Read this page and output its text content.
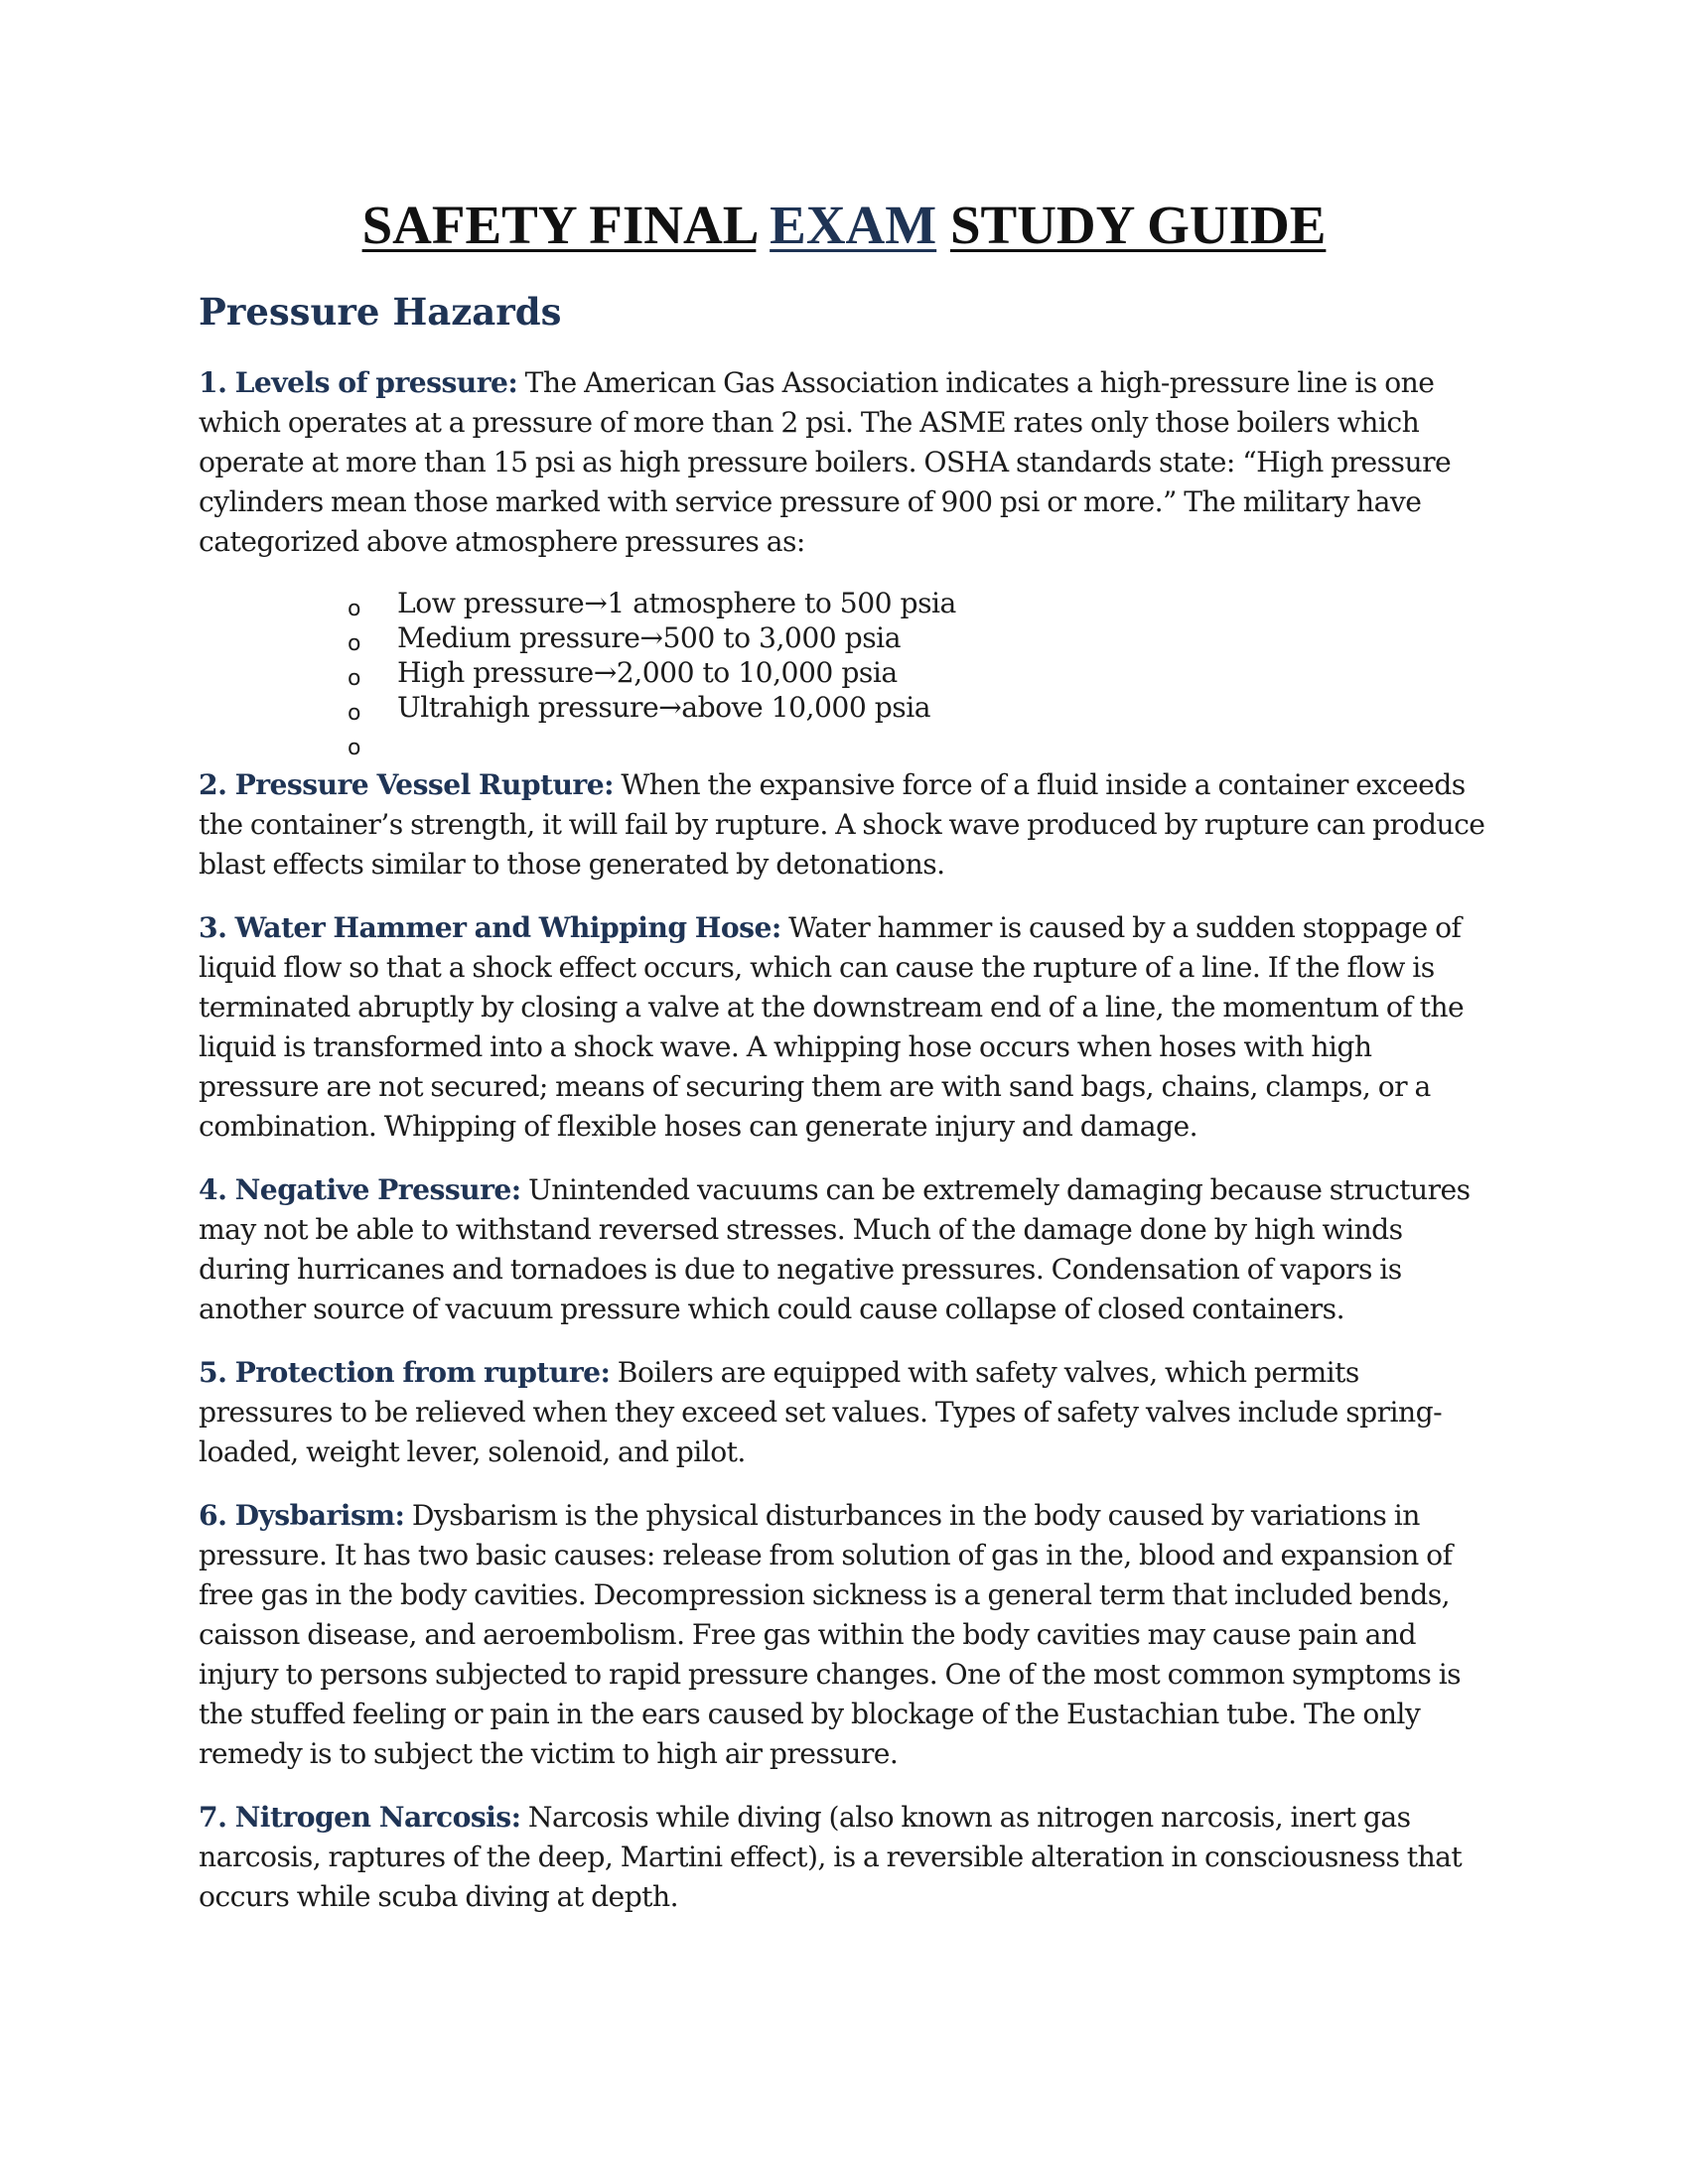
SAFETY FINAL EXAM STUDY GUIDE
Pressure Hazards

1. Levels of pressure: The American Gas Association indicates a high-pressure line is one which operates at a pressure of more than 2 psi. The ASME rates only those boilers which operate at more than 15 psi as high pressure boilers. OSHA standards state: “High pressure cylinders mean those marked with service pressure of 900 psi or more.” The military have categorized above atmosphere pressures as:

o Low pressure→1 atmosphere to 500 psia
o Medium pressure→500 to 3,000 psia
o High pressure→2,000 to 10,000 psia
o Ultrahigh pressure→above 10,000 psia
o

2. Pressure Vessel Rupture: When the expansive force of a fluid inside a container exceeds the container’s strength, it will fail by rupture. A shock wave produced by rupture can produce blast effects similar to those generated by detonations.

3. Water Hammer and Whipping Hose: Water hammer is caused by a sudden stoppage of liquid flow so that a shock effect occurs, which can cause the rupture of a line. If the flow is terminated abruptly by closing a valve at the downstream end of a line, the momentum of the liquid is transformed into a shock wave. A whipping hose occurs when hoses with high pressure are not secured; means of securing them are with sand bags, chains, clamps, or a combination. Whipping of flexible hoses can generate injury and damage.

4. Negative Pressure: Unintended vacuums can be extremely damaging because structures may not be able to withstand reversed stresses. Much of the damage done by high winds during hurricanes and tornadoes is due to negative pressures. Condensation of vapors is another source of vacuum pressure which could cause collapse of closed containers.

5. Protection from rupture: Boilers are equipped with safety valves, which permits pressures to be relieved when they exceed set values. Types of safety valves include spring-loaded, weight lever, solenoid, and pilot.

6. Dysbarism: Dysbarism is the physical disturbances in the body caused by variations in pressure. It has two basic causes: release from solution of gas in the, blood and expansion of free gas in the body cavities. Decompression sickness is a general term that included bends, caisson disease, and aeroembolism. Free gas within the body cavities may cause pain and injury to persons subjected to rapid pressure changes. One of the most common symptoms is the stuffed feeling or pain in the ears caused by blockage of the Eustachian tube. The only remedy is to subject the victim to high air pressure.

7. Nitrogen Narcosis: Narcosis while diving (also known as nitrogen narcosis, inert gas narcosis, raptures of the deep, Martini effect), is a reversible alteration in consciousness that occurs while scuba diving at depth.
